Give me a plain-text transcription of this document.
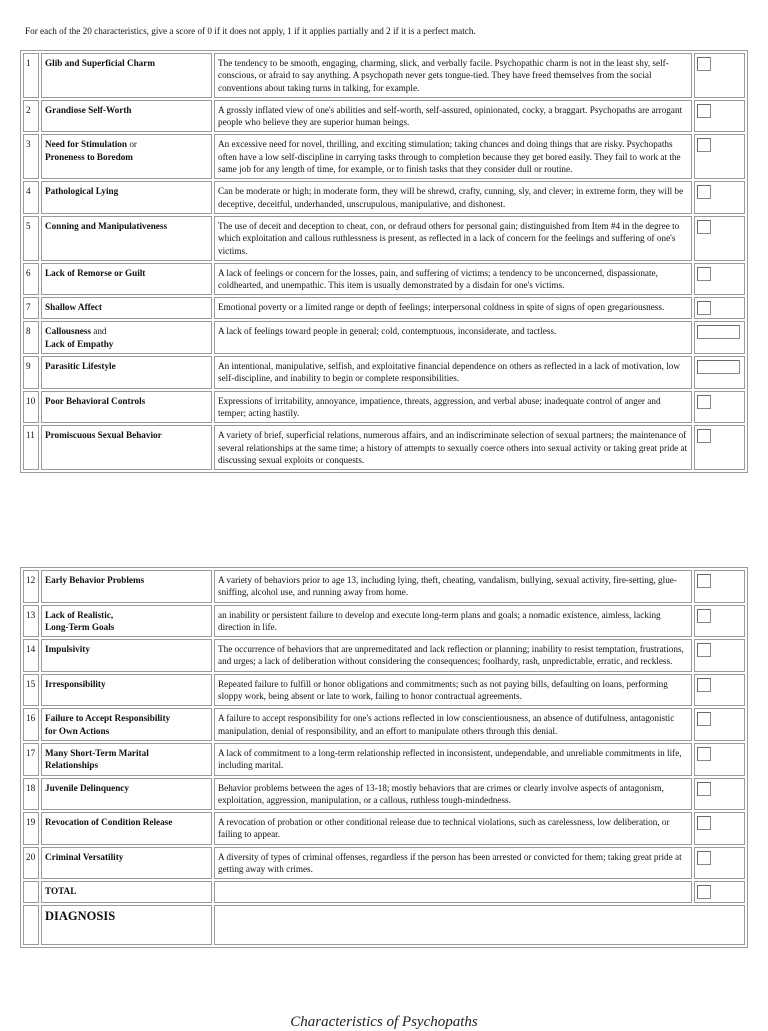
For each of the 20 characteristics, give a score of 0 if it does not apply, 1 if it applies partially and 2 if it is a perfect match.
1	Glib and Superficial Charm	The tendency to be smooth, engaging, charming, slick, and verbally facile. Psychopathic charm is not in the least shy, self-conscious, or afraid to say anything. A psychopath never gets tongue-tied. They have freed themselves from the social conventions about taking turns in talking, for example.	

2	Grandiose Self-Worth	A grossly inflated view of one's abilities and self-worth, self-assured, opinionated, cocky, a braggart. Psychopaths are arrogant people who believe they are superior human beings.	

3	Need for Stimulation or
Proneness to Boredom	An excessive need for novel, thrilling, and exciting stimulation; taking chances and doing things that are risky. Psychopaths often have a low self-discipline in carrying tasks through to completion because they get bored easily. They fail to work at the same job for any length of time, for example, or to finish tasks that they consider dull or routine.	

4	Pathological Lying	Can be moderate or high; in moderate form, they will be shrewd, crafty, cunning, sly, and clever; in extreme form, they will be deceptive, deceitful, underhanded, unscrupulous, manipulative, and dishonest.	

5	Conning and Manipulativeness	The use of deceit and deception to cheat, con, or defraud others for personal gain; distinguished from Item #4 in the degree to which exploitation and callous ruthlessness is present, as reflected in a lack of concern for the feelings and suffering of one's victims.	

6	Lack of Remorse or Guilt	A lack of feelings or concern for the losses, pain, and suffering of victims; a tendency to be unconcerned, dispassionate, coldhearted, and unempathic. This item is usually demonstrated by a disdain for one's victims.	

7	Shallow Affect	Emotional poverty or a limited range or depth of feelings; interpersonal coldness in spite of signs of open gregariousness.	

8	Callousness and
Lack of Empathy	A lack of feelings toward people in general; cold, contemptuous, inconsiderate, and tactless.	

9	Parasitic Lifestyle	An intentional, manipulative, selfish, and exploitative financial dependence on others as reflected in a lack of motivation, low self-discipline, and inability to begin or complete responsibilities.	

10	Poor Behavioral Controls	Expressions of irritability, annoyance, impatience, threats, aggression, and verbal abuse; inadequate control of anger and temper; acting hastily.	

11	Promiscuous Sexual Behavior	A variety of brief, superficial relations, numerous affairs, and an indiscriminate selection of sexual partners; the maintenance of several relationships at the same time; a history of attempts to sexually coerce others into sexual activity or taking great pride at discussing sexual exploits or conquests.	
12	Early Behavior Problems	A variety of behaviors prior to age 13, including lying, theft, cheating, vandalism, bullying, sexual activity, fire-setting, glue-sniffing, alcohol use, and running away from home.	

13	Lack of Realistic,
Long-Term Goals	an inability or persistent failure to develop and execute long-term plans and goals; a nomadic existence, aimless, lacking direction in life.	

14	Impulsivity	The occurrence of behaviors that are unpremeditated and lack reflection or planning; inability to resist temptation, frustrations, and urges; a lack of deliberation without considering the consequences; foolhardy, rash, unpredictable, erratic, and reckless.	

15	Irresponsibility	Repeated failure to fulfill or honor obligations and commitments; such as not paying bills, defaulting on loans, performing sloppy work, being absent or late to work, failing to honor contractual agreements.	

16	Failure to Accept Responsibility
for Own Actions	A failure to accept responsibility for one's actions reflected in low conscientiousness, an absence of dutifulness, antagonistic manipulation, denial of responsibility, and an effort to manipulate others through this denial.	

17	Many Short-Term Marital
Relationships	A lack of commitment to a long-term relationship reflected in inconsistent, undependable, and unreliable commitments in life, including marital.	

18	Juvenile Delinquency	Behavior problems between the ages of 13-18; mostly behaviors that are crimes or clearly involve aspects of antagonism, exploitation, aggression, manipulation, or a callous, ruthless tough-mindedness.	

19	Revocation of Condition Release	A revocation of probation or other conditional release due to technical violations, such as carelessness, low deliberation, or failing to appear.	

20	Criminal Versatility	A diversity of types of criminal offenses, regardless if the person has been arrested or convicted for them; taking great pride at getting away with crimes.	

	TOTAL		

	DIAGNOSIS		
Characteristics of Psychopaths
